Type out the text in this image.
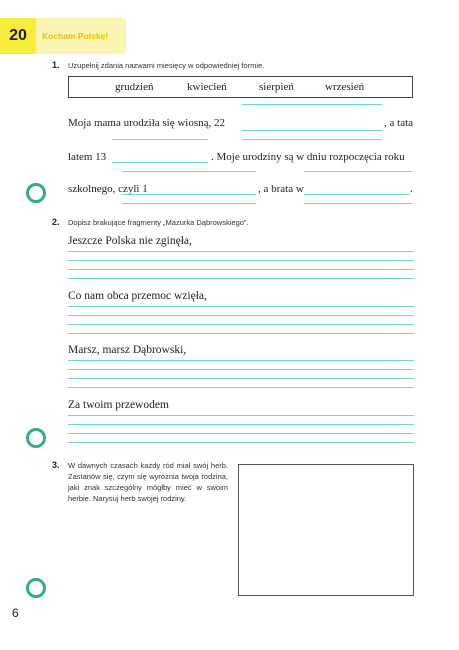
20	Kocham Polskę!
1. Uzupełnij zdania nazwami miesięcy w odpowiedniej formie.
grudzień	kwiecień	sierpień	wrzesień
Moja mama urodziła się wiosną, 22	, a tata
latem 13	. Moje urodziny są w dniu rozpoczęcia roku
szkolnego, czyli 1	, a brata w	.
2. Dopisz brakujące fragmenty „Mazurka Dąbrowskiego”.
Jeszcze Polska nie zginęła,
Co nam obca przemoc wzięła,
Marsz, marsz Dąbrowski,
Za twoim przewodem
3. W dawnych czasach każdy ród miał swój herb. Zastanów się, czym się wyróżnia twoja rodzina, jaki znak szczególny mógłby mieć w swoim herbie. Narysuj herb swojej rodziny.
6
